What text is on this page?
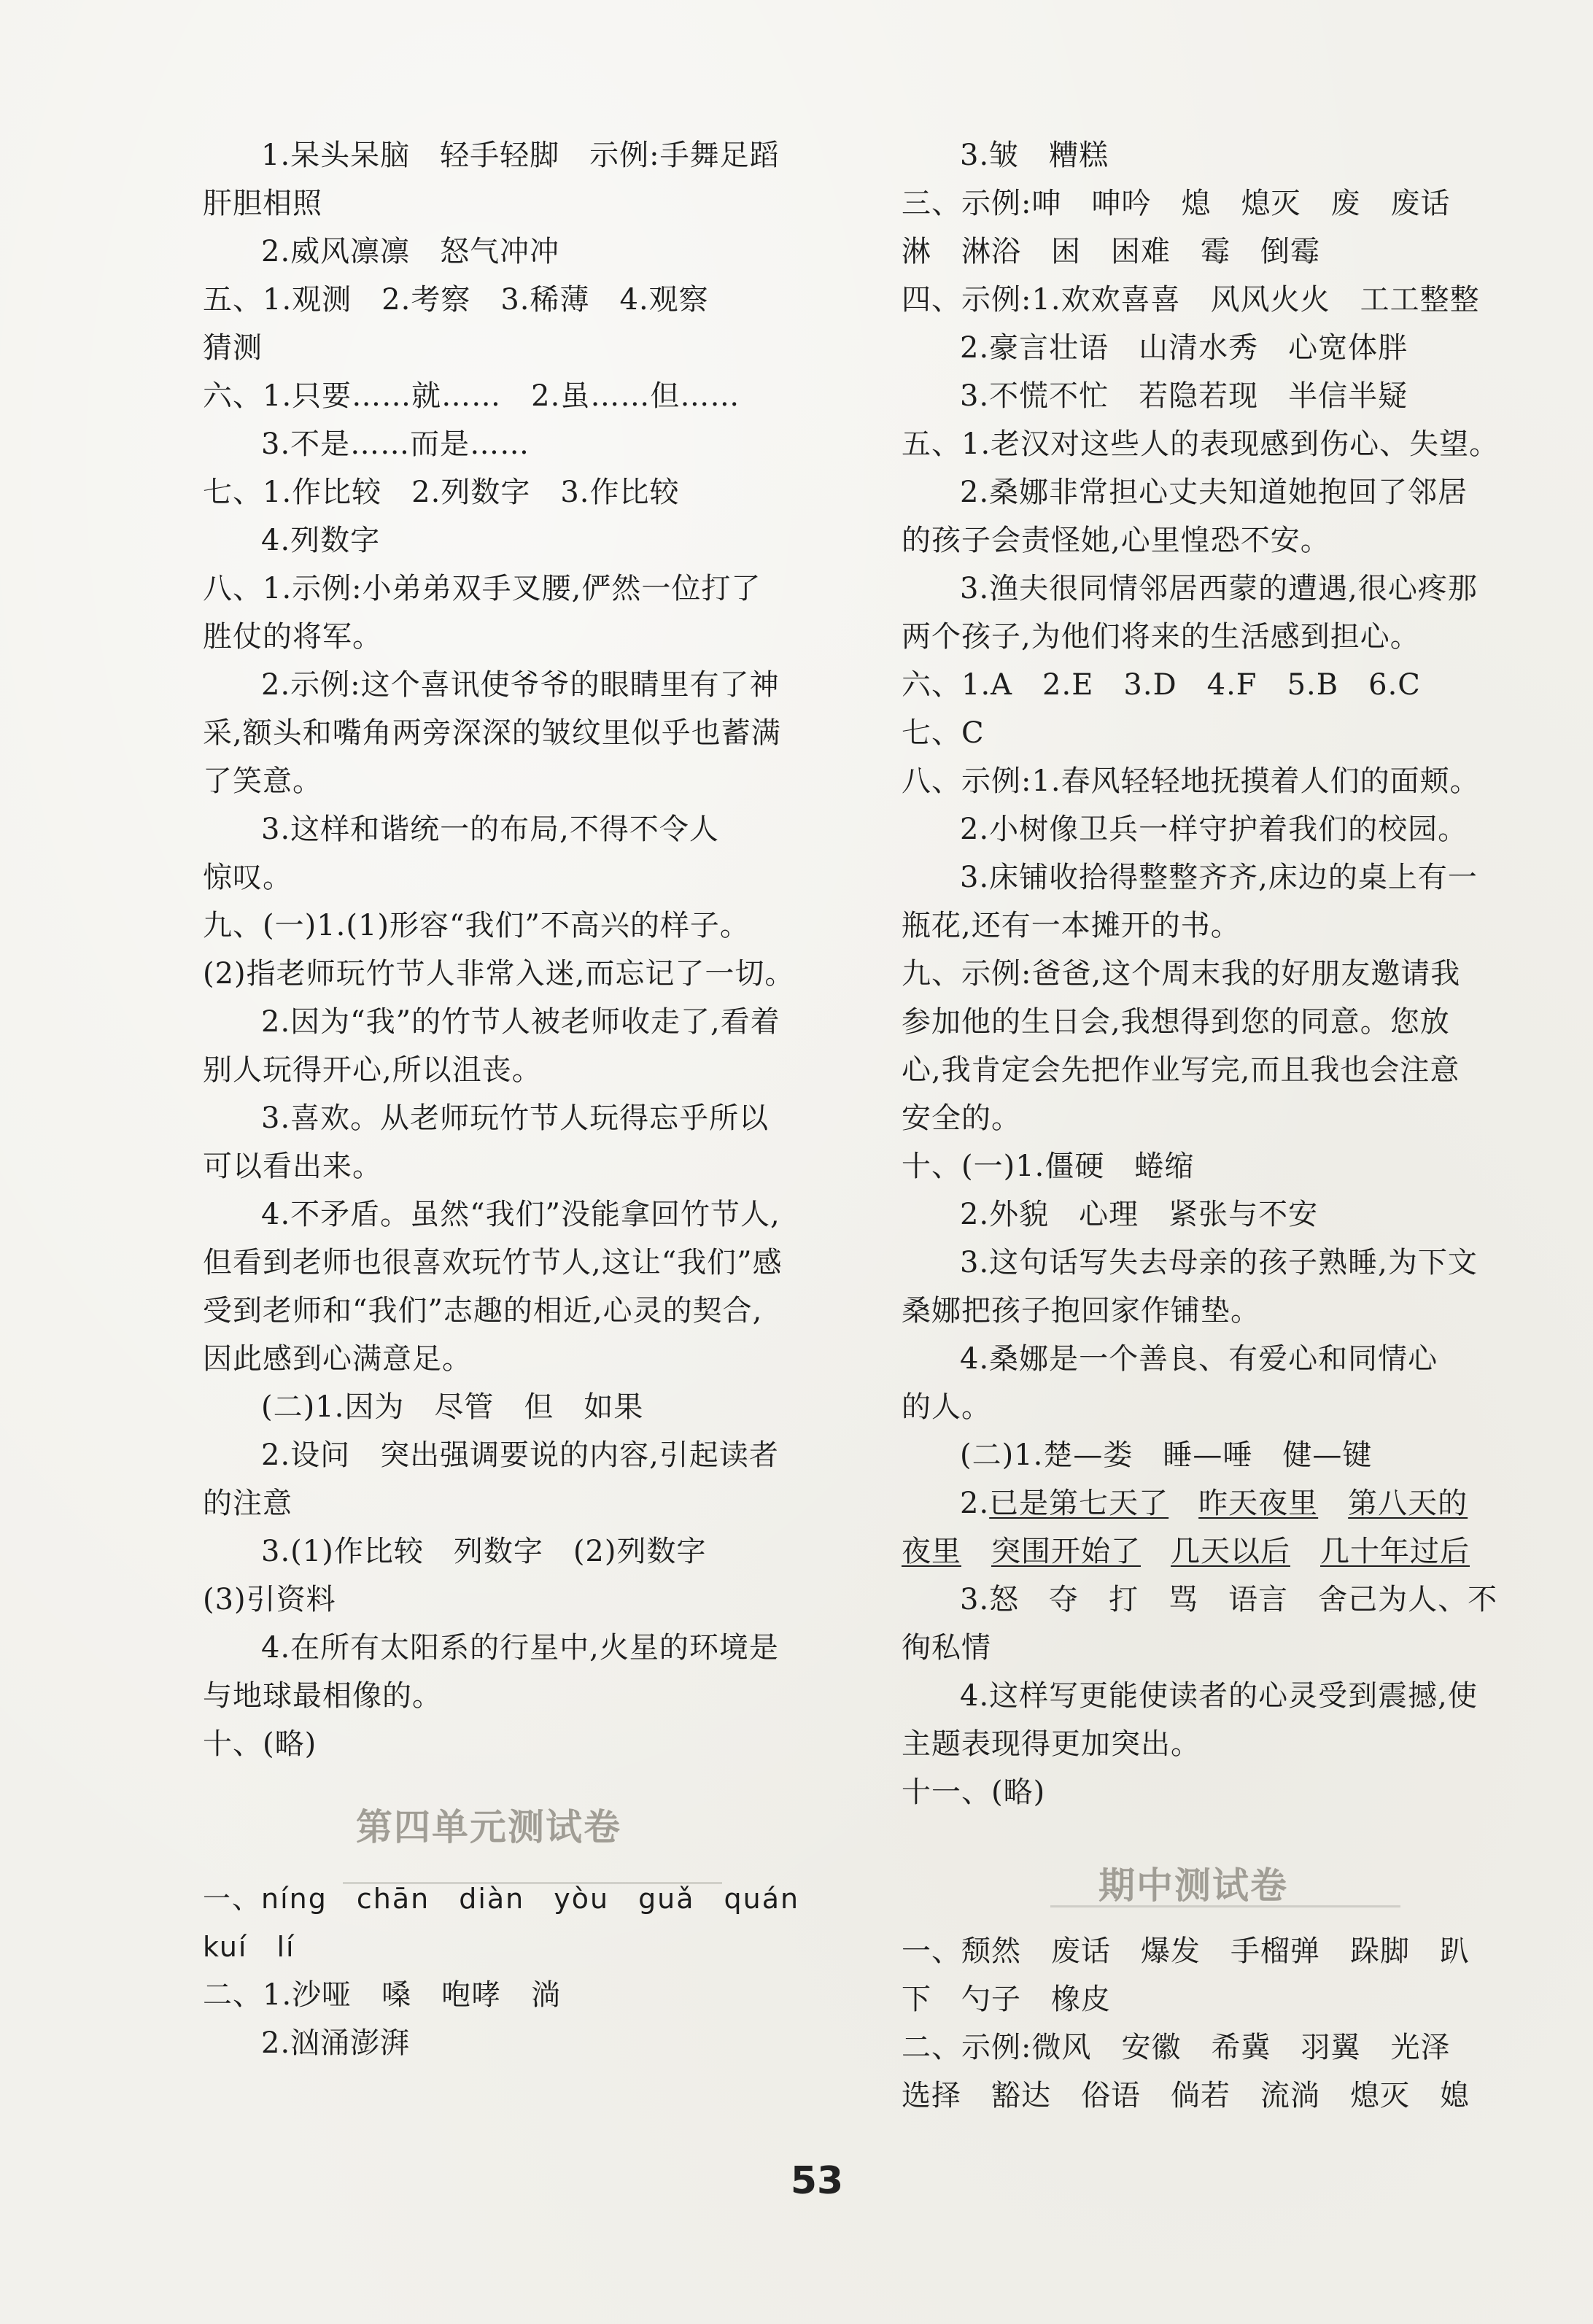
1.呆头呆脑　轻手轻脚　示例:手舞足蹈
肝胆相照
2.威风凛凛　怒气冲冲
五、1.观测　2.考察　3.稀薄　4.观察
猜测
六、1.只要……就……　2.虽……但……
3.不是……而是……
七、1.作比较　2.列数字　3.作比较
4.列数字
八、1.示例:小弟弟双手叉腰,俨然一位打了
胜仗的将军。
2.示例:这个喜讯使爷爷的眼睛里有了神
采,额头和嘴角两旁深深的皱纹里似乎也蓄满
了笑意。
3.这样和谐统一的布局,不得不令人
惊叹。
九、(一)1.(1)形容“我们”不高兴的样子。
(2)指老师玩竹节人非常入迷,而忘记了一切。
2.因为“我”的竹节人被老师收走了,看着
别人玩得开心,所以沮丧。
3.喜欢。从老师玩竹节人玩得忘乎所以
可以看出来。
4.不矛盾。虽然“我们”没能拿回竹节人,
但看到老师也很喜欢玩竹节人,这让“我们”感
受到老师和“我们”志趣的相近,心灵的契合,
因此感到心满意足。
(二)1.因为　尽管　但　如果
2.设问　突出强调要说的内容,引起读者
的注意
3.(1)作比较　列数字　(2)列数字
(3)引资料
4.在所有太阳系的行星中,火星的环境是
与地球最相像的。
十、(略)
第四单元测试卷
一、níng　chān　diàn　yòu　guǎ　quán
kuí　lí
二、1.沙哑　嗓　咆哮　淌
2.汹涌澎湃
3.皱　糟糕
三、示例:呻　呻吟　熄　熄灭　废　废话
淋　淋浴　困　困难　霉　倒霉
四、示例:1.欢欢喜喜　风风火火　工工整整
2.豪言壮语　山清水秀　心宽体胖
3.不慌不忙　若隐若现　半信半疑
五、1.老汉对这些人的表现感到伤心、失望。
2.桑娜非常担心丈夫知道她抱回了邻居
的孩子会责怪她,心里惶恐不安。
3.渔夫很同情邻居西蒙的遭遇,很心疼那
两个孩子,为他们将来的生活感到担心。
六、1.A　2.E　3.D　4.F　5.B　6.C
七、C
八、示例:1.春风轻轻地抚摸着人们的面颊。
2.小树像卫兵一样守护着我们的校园。
3.床铺收拾得整整齐齐,床边的桌上有一
瓶花,还有一本摊开的书。
九、示例:爸爸,这个周末我的好朋友邀请我
参加他的生日会,我想得到您的同意。您放
心,我肯定会先把作业写完,而且我也会注意
安全的。
十、(一)1.僵硬　蜷缩
2.外貌　心理　紧张与不安
3.这句话写失去母亲的孩子熟睡,为下文
桑娜把孩子抱回家作铺垫。
4.桑娜是一个善良、有爱心和同情心
的人。
(二)1.楚—娄　睡—唾　健—键
2.已是第七天了　 昨天夜里　 第八天的
夜里　 突围开始了　 几天以后　 几十年过后
3.怒　夺　打　骂　语言　舍己为人、不
徇私情
4.这样写更能使读者的心灵受到震撼,使
主题表现得更加突出。
十一、(略)
期中测试卷
一、颓然　废话　爆发　手榴弹　跺脚　趴
下　勺子　橡皮
二、示例:微风　安徽　希冀　羽翼　光泽
选择　豁达　俗语　倘若　流淌　熄灭　媳
53
